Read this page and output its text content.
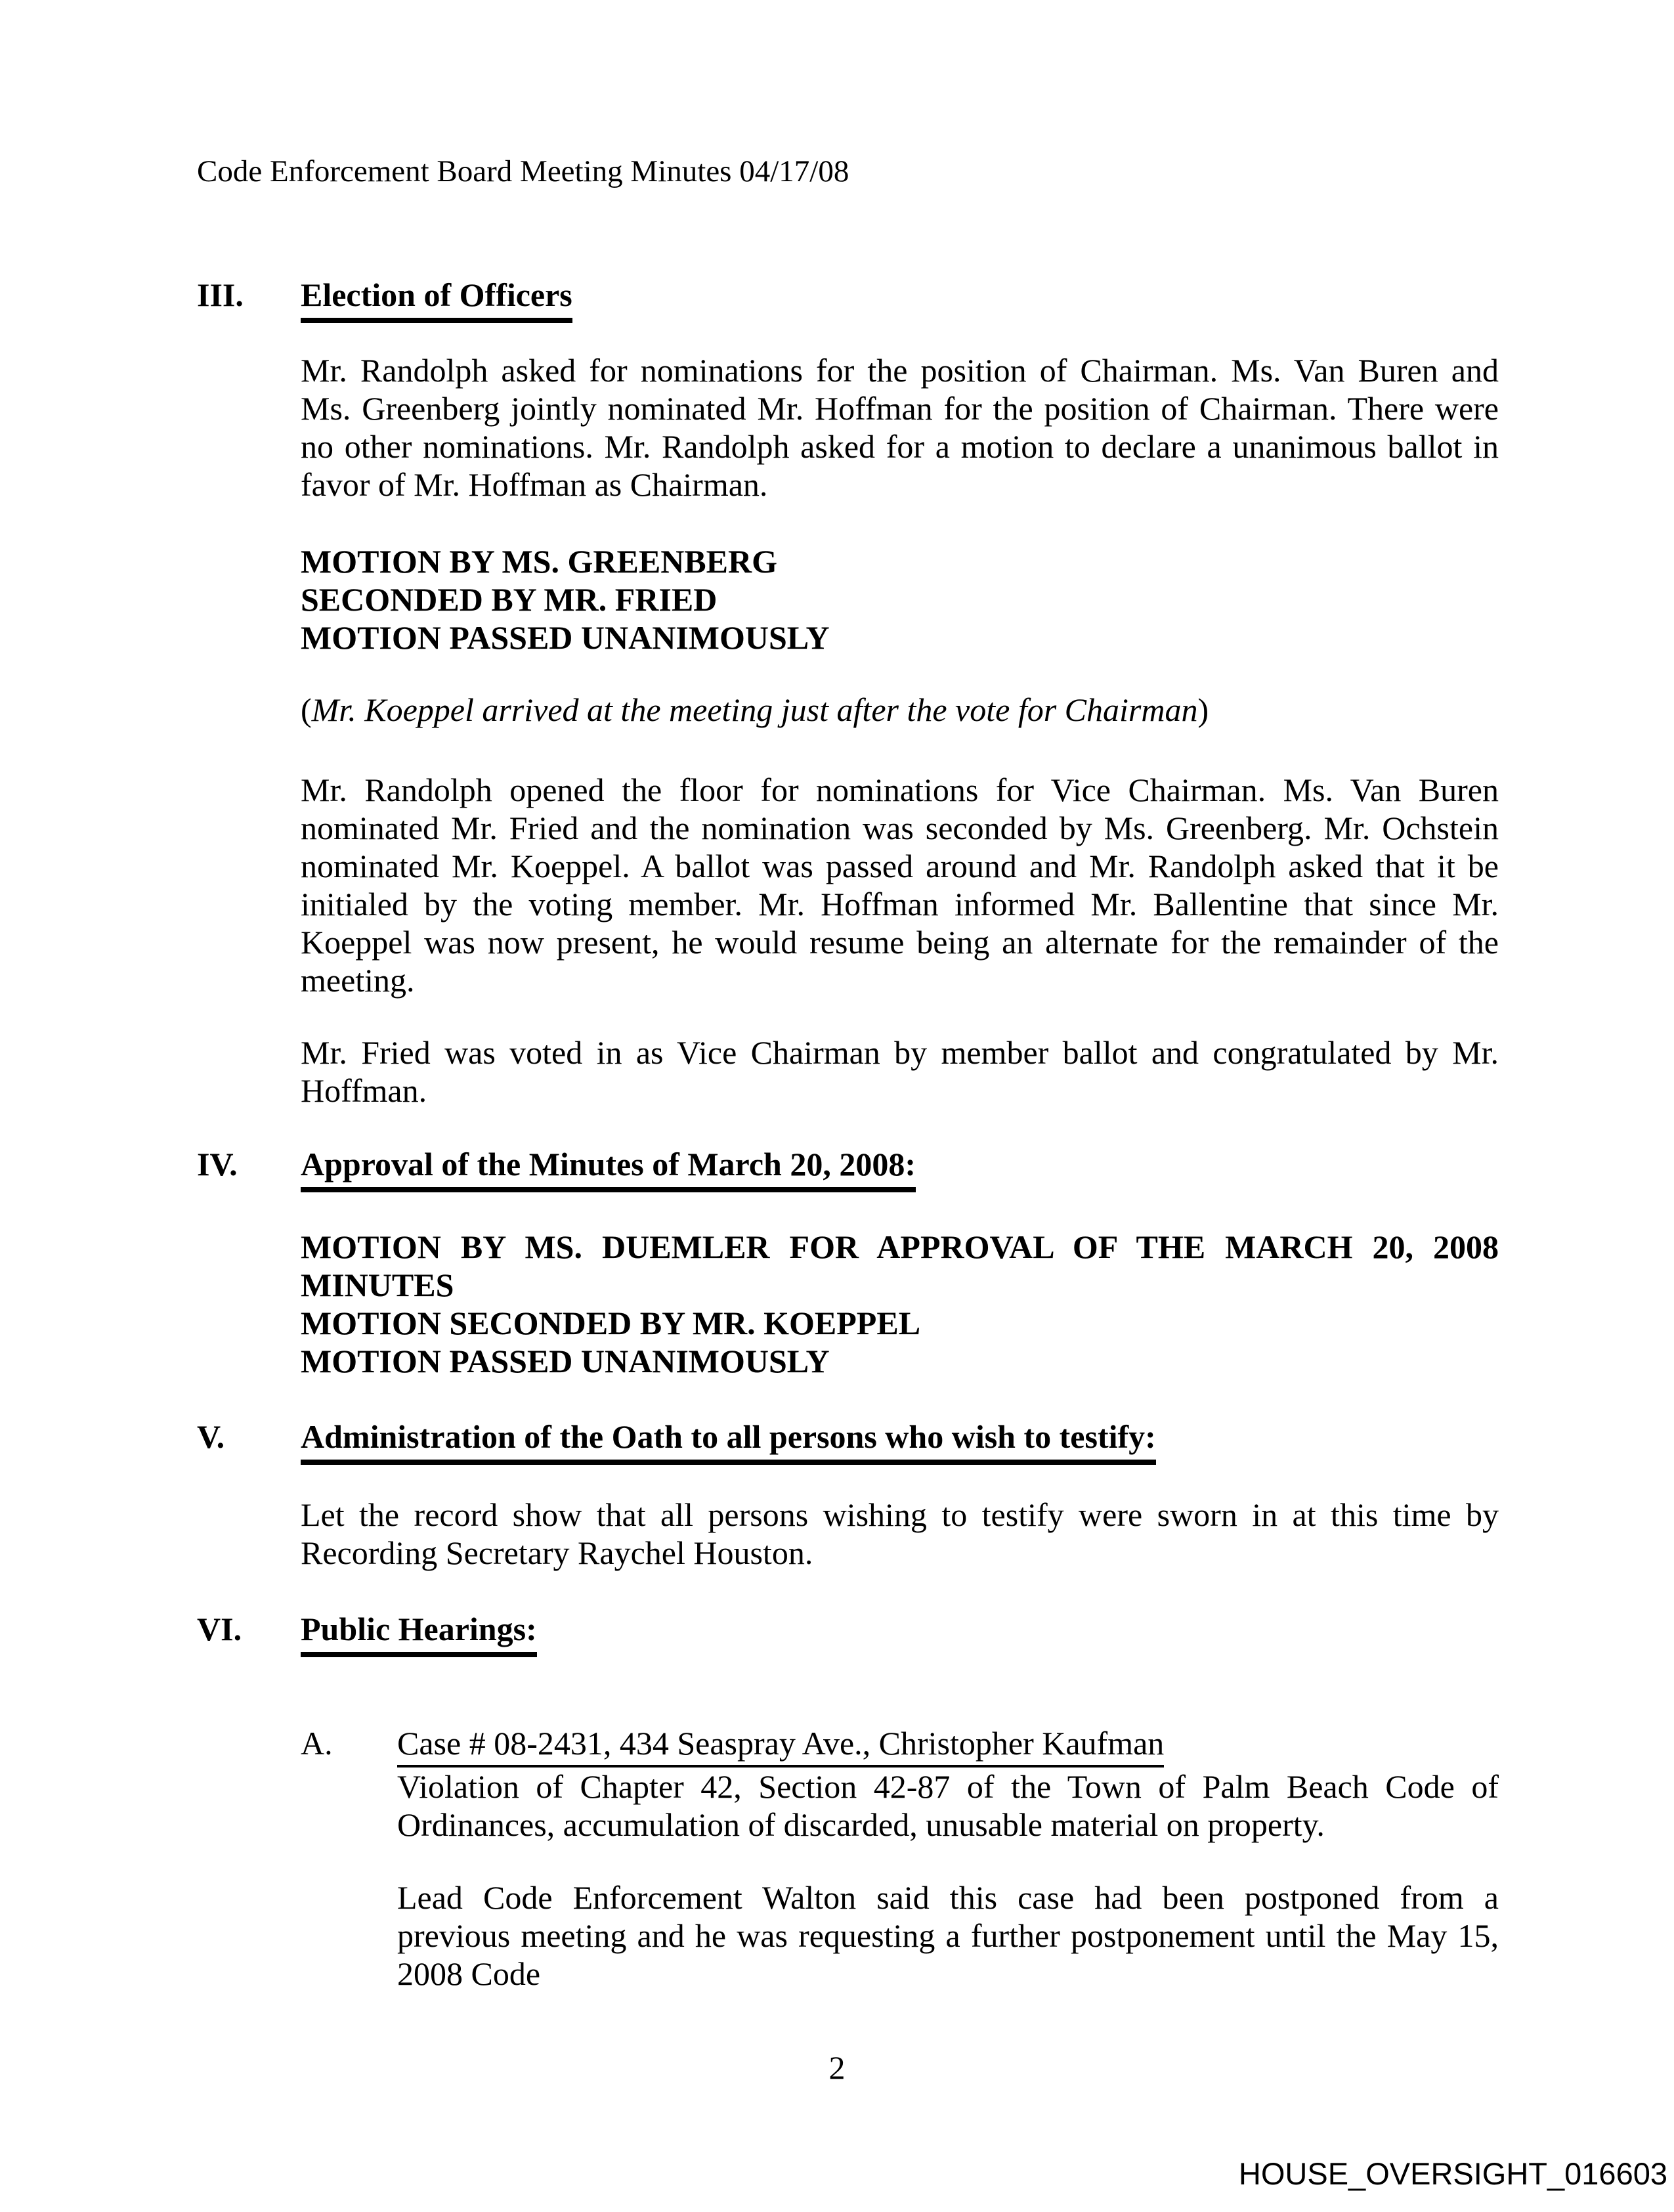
Code Enforcement Board Meeting Minutes 04/17/08
III.	Election of Officers
Mr. Randolph asked for nominations for the position of Chairman. Ms. Van Buren and
Ms. Greenberg jointly nominated Mr. Hoffman for the position of Chairman. There were
no other nominations. Mr. Randolph asked for a motion to declare a unanimous ballot in
favor of Mr. Hoffman as Chairman.
MOTION BY MS. GREENBERG
SECONDED BY MR. FRIED
MOTION PASSED UNANIMOUSLY
(Mr. Koeppel arrived at the meeting just after the vote for Chairman)
Mr. Randolph opened the floor for nominations for Vice Chairman. Ms. Van Buren
nominated Mr. Fried and the nomination was seconded by Ms. Greenberg. Mr. Ochstein
nominated Mr. Koeppel. A ballot was passed around and Mr. Randolph asked that it be
initialed by the voting member. Mr. Hoffman informed Mr. Ballentine that since Mr.
Koeppel was now present, he would resume being an alternate for the remainder of the
meeting.
Mr. Fried was voted in as Vice Chairman by member ballot and congratulated by Mr.
Hoffman.
IV.	Approval of the Minutes of March 20, 2008:
MOTION BY MS. DUEMLER FOR APPROVAL OF THE MARCH 20, 2008
MINUTES
MOTION SECONDED BY MR. KOEPPEL
MOTION PASSED UNANIMOUSLY
V.	Administration of the Oath to all persons who wish to testify:
Let the record show that all persons wishing to testify were sworn in at this time by
Recording Secretary Raychel Houston.
VI.	Public Hearings:
A.	Case # 08-2431, 434 Seaspray Ave., Christopher Kaufman
Violation of Chapter 42, Section 42-87 of the Town of Palm Beach Code of
Ordinances, accumulation of discarded, unusable material on property.
Lead Code Enforcement Walton said this case had been postponed from a
previous meeting and he was requesting a further postponement until the May 15,
2008 Code
2
HOUSE_OVERSIGHT_016603
